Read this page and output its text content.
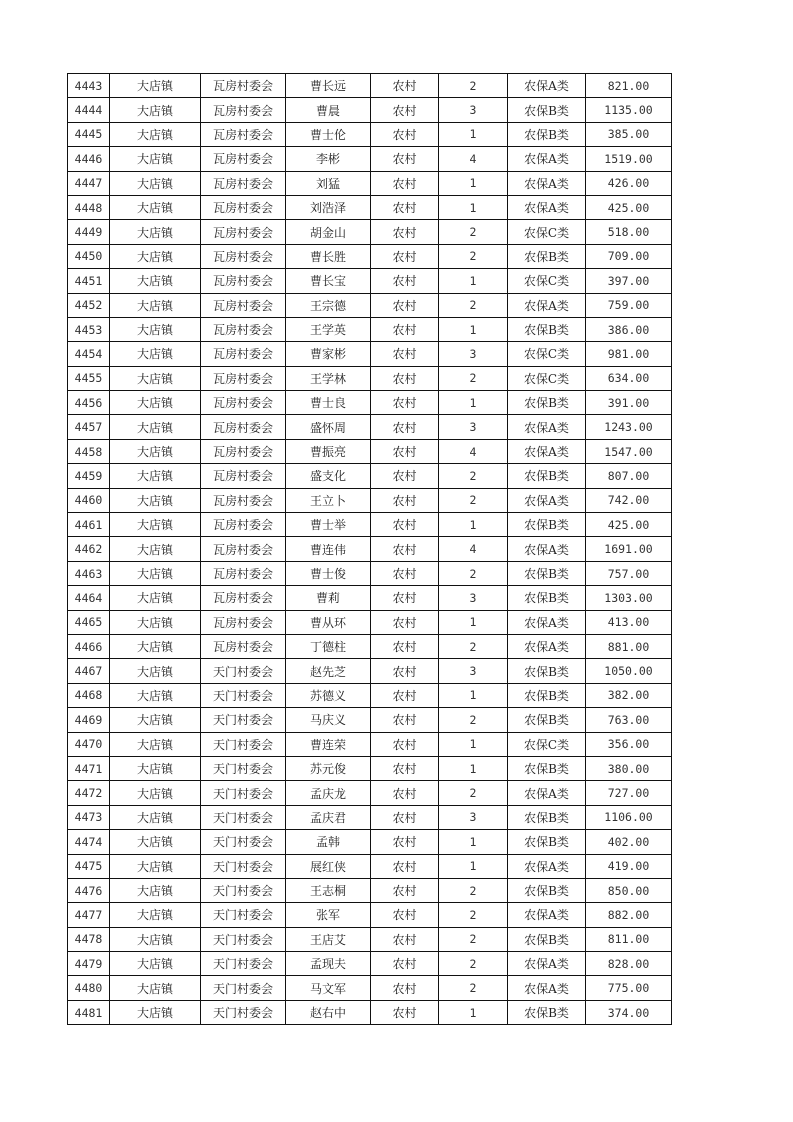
4443	大店镇	瓦房村委会	曹长远	农村	2	农保A类	821.00
4444	大店镇	瓦房村委会	曹晨	农村	3	农保B类	1135.00
4445	大店镇	瓦房村委会	曹士伦	农村	1	农保B类	385.00
4446	大店镇	瓦房村委会	李彬	农村	4	农保A类	1519.00
4447	大店镇	瓦房村委会	刘猛	农村	1	农保A类	426.00
4448	大店镇	瓦房村委会	刘浩泽	农村	1	农保A类	425.00
4449	大店镇	瓦房村委会	胡金山	农村	2	农保C类	518.00
4450	大店镇	瓦房村委会	曹长胜	农村	2	农保B类	709.00
4451	大店镇	瓦房村委会	曹长宝	农村	1	农保C类	397.00
4452	大店镇	瓦房村委会	王宗德	农村	2	农保A类	759.00
4453	大店镇	瓦房村委会	王学英	农村	1	农保B类	386.00
4454	大店镇	瓦房村委会	曹家彬	农村	3	农保C类	981.00
4455	大店镇	瓦房村委会	王学林	农村	2	农保C类	634.00
4456	大店镇	瓦房村委会	曹士良	农村	1	农保B类	391.00
4457	大店镇	瓦房村委会	盛怀周	农村	3	农保A类	1243.00
4458	大店镇	瓦房村委会	曹振亮	农村	4	农保A类	1547.00
4459	大店镇	瓦房村委会	盛支化	农村	2	农保B类	807.00
4460	大店镇	瓦房村委会	王立卜	农村	2	农保A类	742.00
4461	大店镇	瓦房村委会	曹士举	农村	1	农保B类	425.00
4462	大店镇	瓦房村委会	曹连伟	农村	4	农保A类	1691.00
4463	大店镇	瓦房村委会	曹士俊	农村	2	农保B类	757.00
4464	大店镇	瓦房村委会	曹莉	农村	3	农保B类	1303.00
4465	大店镇	瓦房村委会	曹从环	农村	1	农保A类	413.00
4466	大店镇	瓦房村委会	丁德柱	农村	2	农保A类	881.00
4467	大店镇	天门村委会	赵先芝	农村	3	农保B类	1050.00
4468	大店镇	天门村委会	苏德义	农村	1	农保B类	382.00
4469	大店镇	天门村委会	马庆义	农村	2	农保B类	763.00
4470	大店镇	天门村委会	曹连荣	农村	1	农保C类	356.00
4471	大店镇	天门村委会	苏元俊	农村	1	农保B类	380.00
4472	大店镇	天门村委会	孟庆龙	农村	2	农保A类	727.00
4473	大店镇	天门村委会	孟庆君	农村	3	农保B类	1106.00
4474	大店镇	天门村委会	孟韩	农村	1	农保B类	402.00
4475	大店镇	天门村委会	展红侠	农村	1	农保A类	419.00
4476	大店镇	天门村委会	王志桐	农村	2	农保B类	850.00
4477	大店镇	天门村委会	张军	农村	2	农保A类	882.00
4478	大店镇	天门村委会	王店艾	农村	2	农保B类	811.00
4479	大店镇	天门村委会	孟现夫	农村	2	农保A类	828.00
4480	大店镇	天门村委会	马文军	农村	2	农保A类	775.00
4481	大店镇	天门村委会	赵右中	农村	1	农保B类	374.00
